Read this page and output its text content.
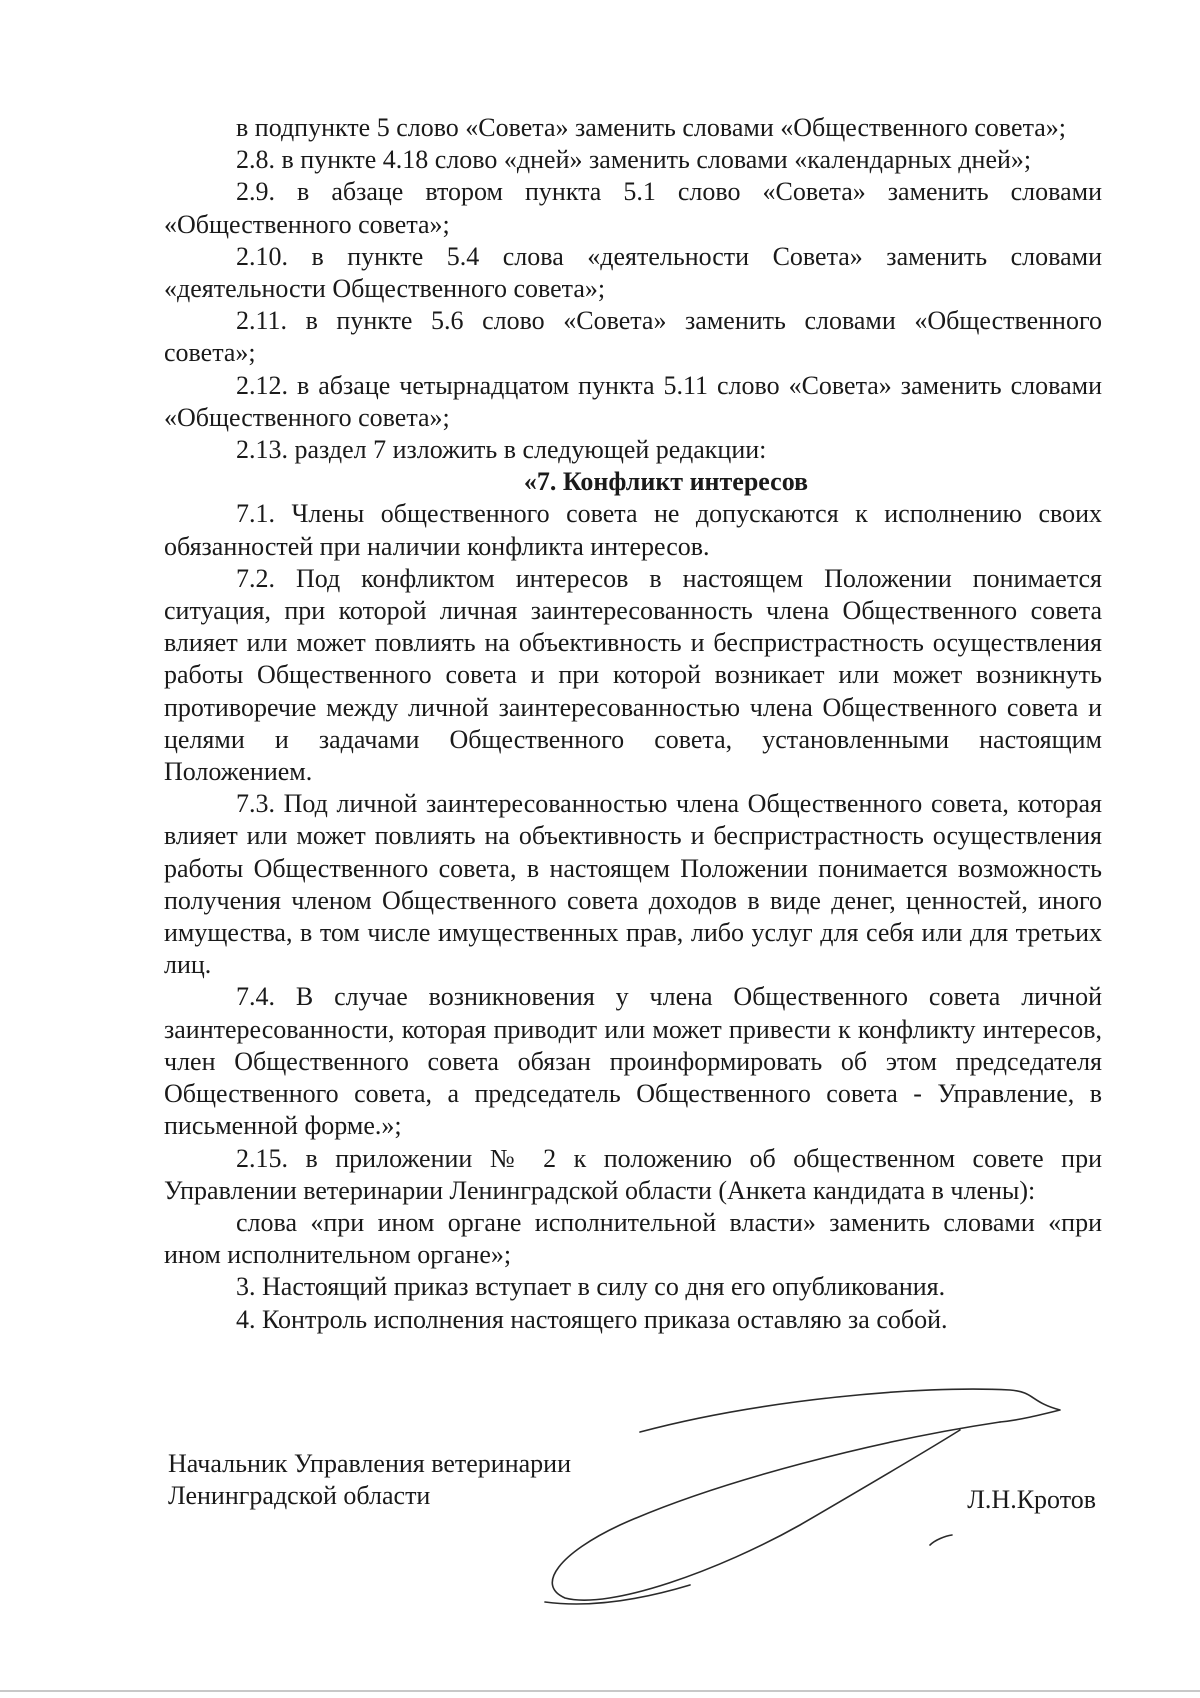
в подпункте 5 слово «Совета» заменить словами «Общественного совета»;

2.8. в пункте 4.18 слово «дней» заменить словами «календарных дней»;

2.9. в абзаце втором пункта 5.1 слово «Совета» заменить словами «Общественного совета»;

2.10. в пункте 5.4 слова «деятельности Совета» заменить словами «деятельности Общественного совета»;

2.11. в пункте 5.6 слово «Совета» заменить словами «Общественного совета»;

2.12. в абзаце четырнадцатом пункта 5.11 слово «Совета» заменить словами «Общественного совета»;

2.13. раздел 7 изложить в следующей редакции:

«7. Конфликт интересов

7.1. Члены общественного совета не допускаются к исполнению своих обязанностей при наличии конфликта интересов.

7.2. Под конфликтом интересов в настоящем Положении понимается ситуация, при которой личная заинтересованность члена Общественного совета влияет или может повлиять на объективность и беспристрастность осуществления работы Общественного совета и при которой возникает или может возникнуть противоречие между личной заинтересованностью члена Общественного совета и целями и задачами Общественного совета, установленными настоящим Положением.

7.3. Под личной заинтересованностью члена Общественного совета, которая влияет или может повлиять на объективность и беспристрастность осуществления работы Общественного совета, в настоящем Положении понимается возможность получения членом Общественного совета доходов в виде денег, ценностей, иного имущества, в том числе имущественных прав, либо услуг для себя или для третьих лиц.

7.4. В случае возникновения у члена Общественного совета личной заинтересованности, которая приводит или может привести к конфликту интересов, член Общественного совета обязан проинформировать об этом председателя Общественного совета, а председатель Общественного совета - Управление, в письменной форме.»;

2.15. в приложении № 2 к положению об общественном совете при Управлении ветеринарии Ленинградской области (Анкета кандидата в члены):

слова «при ином органе исполнительной власти» заменить словами «при ином исполнительном органе»;

3. Настоящий приказ вступает в силу со дня его опубликования.

4. Контроль исполнения настоящего приказа оставляю за собой.

Начальник Управления ветеринарии
Ленинградской области	Л.Н.Кротов
